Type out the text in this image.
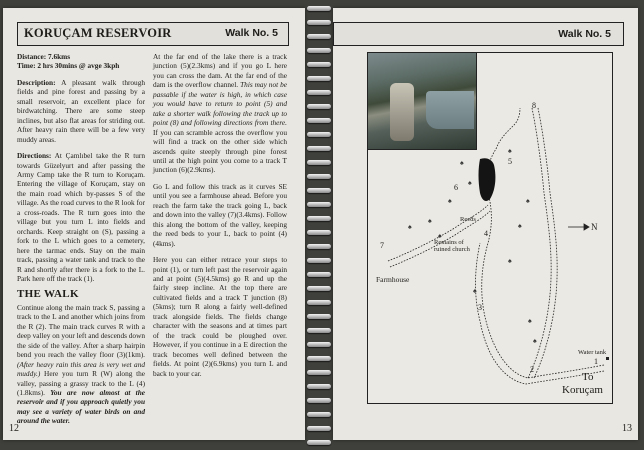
KORUÇAM RESERVOIR	Walk No. 5

Distance: 7.6kms
Time: 2 hrs 30mins @ avge 3kph

Description: A pleasant walk through fields and pine forest and passing by a small reservoir, an excellent place for birdwatching. There are some steep inclines, but also flat areas for striding out. After heavy rain there will be a few very muddy areas.

Directions: At Çamlıbel take the R turn towards Güzelyurt and after passing the Army Camp take the R turn to Koruçam. Entering the village of Koruçam, stay on the main road which by-passes S of the village. As the road curves to the R look for a cross-roads. The R turn goes into the village but you turn L into fields and orchards. Keep straight on (S), passing a fork to the L which goes to a cemetery, here the tarmac ends. Stay on the main track, passing a water tank and track to the R and shortly after there is a fork to the L. Park here off the track (1).

THE WALK

Continue along the main track S, passing a track to the L and another which joins from the R (2). The main track curves R with a deep valley on your left and descends down the side of the valley. After a sharp hairpin bend you reach the valley floor (3)(1km). (After heavy rain this area is very wet and muddy.) Here you turn R (W) along the valley, passing a grassy track to the L (4)(1.8kms). You are now almost at the reservoir and if you approach quietly you may see a variety of water birds on and around the water.

At the far end of the lake there is a track junction (5)(2.3kms) and if you go L here you can cross the dam. At the far end of the dam is the overflow channel. This may not be passable if the water is high, in which case you would have to return to point (5) and take a shorter walk following the track up to point (8) and following directions from there. If you can scramble across the overflow you will find a track on the other side which ascends quite steeply through pine forest until at the high point you come to a track T junction (6)(2.9kms).

Go L and follow this track as it curves SE until you see a farmhouse ahead. Before you reach the farm take the track going L, back and down into the valley (7)(3.4kms). Follow this along the bottom of the valley, keeping the reed beds to your L, back to point (4)(4kms).

Here you can either retrace your steps to point (1), or turn left past the reservoir again and at point (5)(4.5kms) go R and up the fairly steep incline. At the top there are cultivated fields and a track T junction (8)(5kms); turn R along a fairly well-defined track alongside fields. The fields change character with the seasons and at times part of the track could be ploughed over. However, if you continue in a E direction the track becomes well defined between the fields. At point (2)(6.9kms) you turn L and back to your car.

12
Walk No. 5
♠
♠
♠
♠
♠
♠
♠
♠
♠
♠
♠
♠
♠
N
Farmhouse
Reeds
Remains of ruined church
Water tank
To
Koruçam
1
2
3
4
5
6
7
8
13
